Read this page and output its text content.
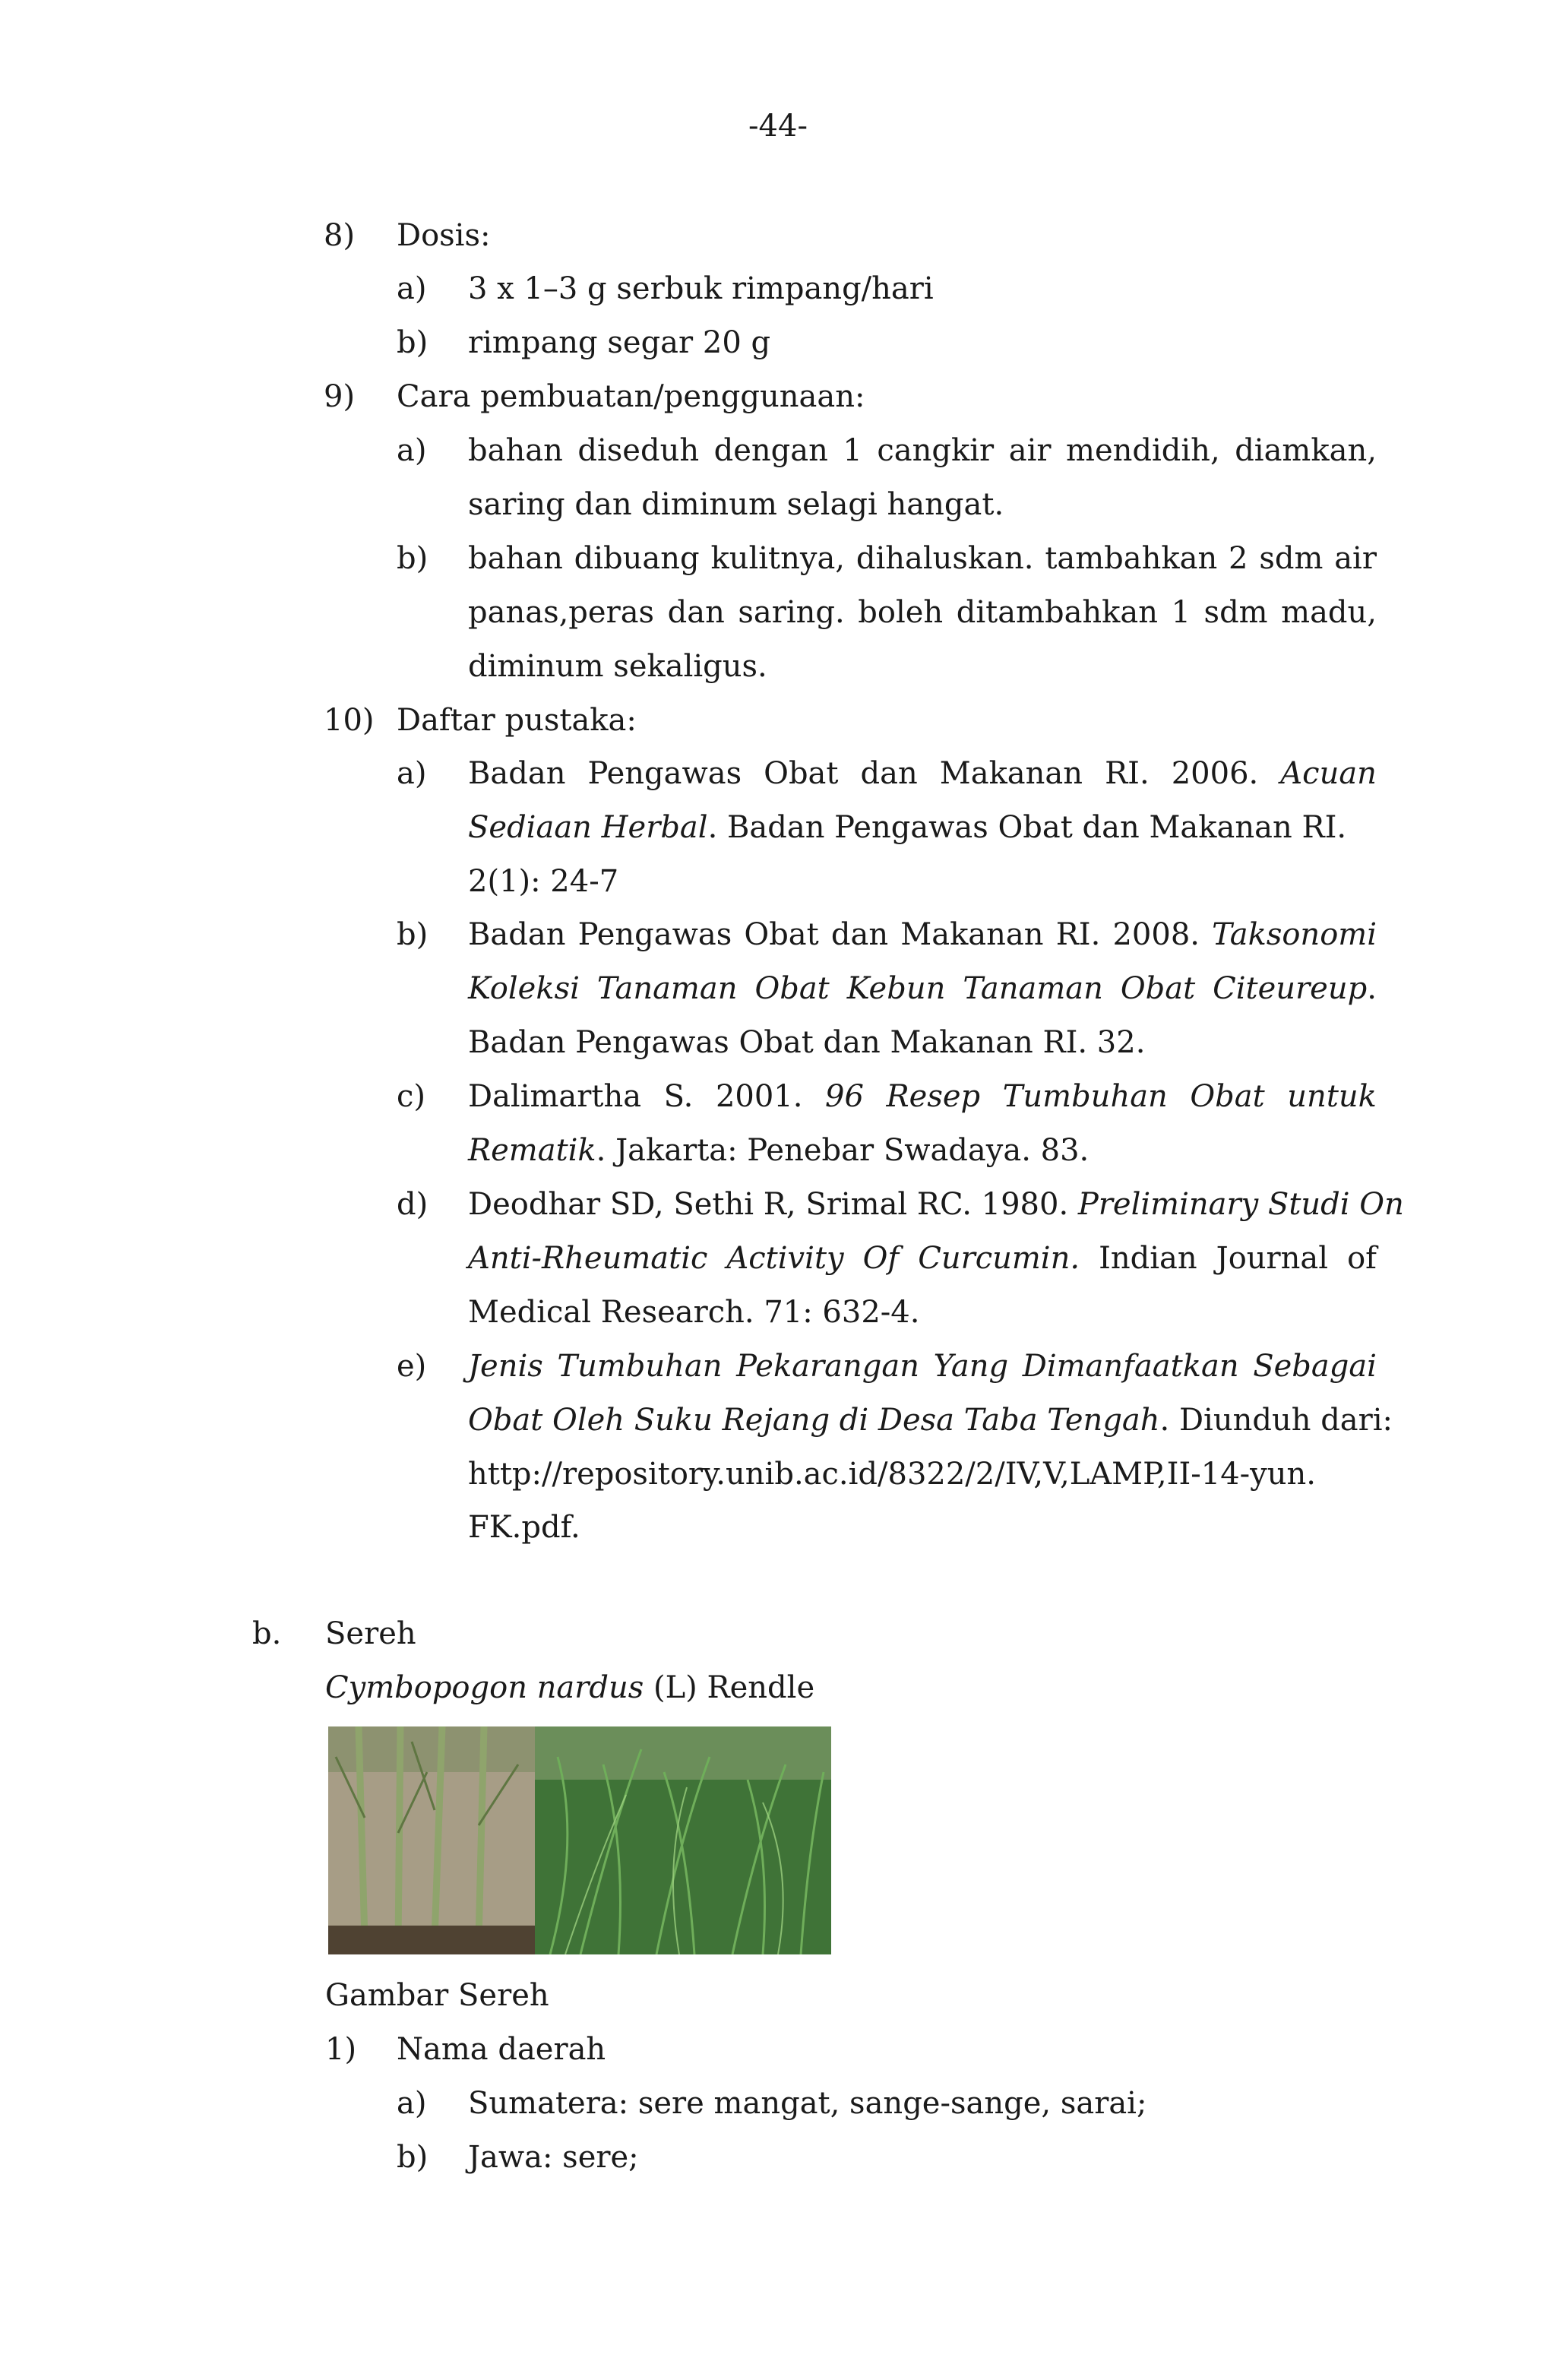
-44-
8) Dosis:
a) 3 x 1–3 g serbuk rimpang/hari
b) rimpang segar 20 g
9) Cara pembuatan/penggunaan:
a) bahan diseduh dengan 1 cangkir air mendidih, diamkan,
saring dan diminum selagi hangat.
b) bahan dibuang kulitnya, dihaluskan. tambahkan 2 sdm air
panas,peras dan saring. boleh ditambahkan 1 sdm madu,
diminum sekaligus.
10) Daftar pustaka:
a) Badan Pengawas Obat dan Makanan RI. 2006. Acuan
Sediaan Herbal. Badan Pengawas Obat dan Makanan RI.
2(1): 24-7
b) Badan Pengawas Obat dan Makanan RI. 2008. Taksonomi
Koleksi Tanaman Obat Kebun Tanaman Obat Citeureup.
Badan Pengawas Obat dan Makanan RI. 32.
c) Dalimartha S. 2001. 96 Resep Tumbuhan Obat untuk
Rematik. Jakarta: Penebar Swadaya. 83.
d) Deodhar SD, Sethi R, Srimal RC. 1980. Preliminary Studi On
Anti-Rheumatic Activity Of Curcumin. Indian Journal of
Medical Research. 71: 632-4.
e) Jenis Tumbuhan Pekarangan Yang Dimanfaatkan Sebagai
Obat Oleh Suku Rejang di Desa Taba Tengah. Diunduh dari:
http://repository.unib.ac.id/8322/2/IV,V,LAMP,II-14-yun.
FK.pdf.
b. Sereh
Cymbopogon nardus (L) Rendle
Gambar Sereh
1) Nama daerah
a) Sumatera: sere mangat, sange-sange, sarai;
b) Jawa: sere;
